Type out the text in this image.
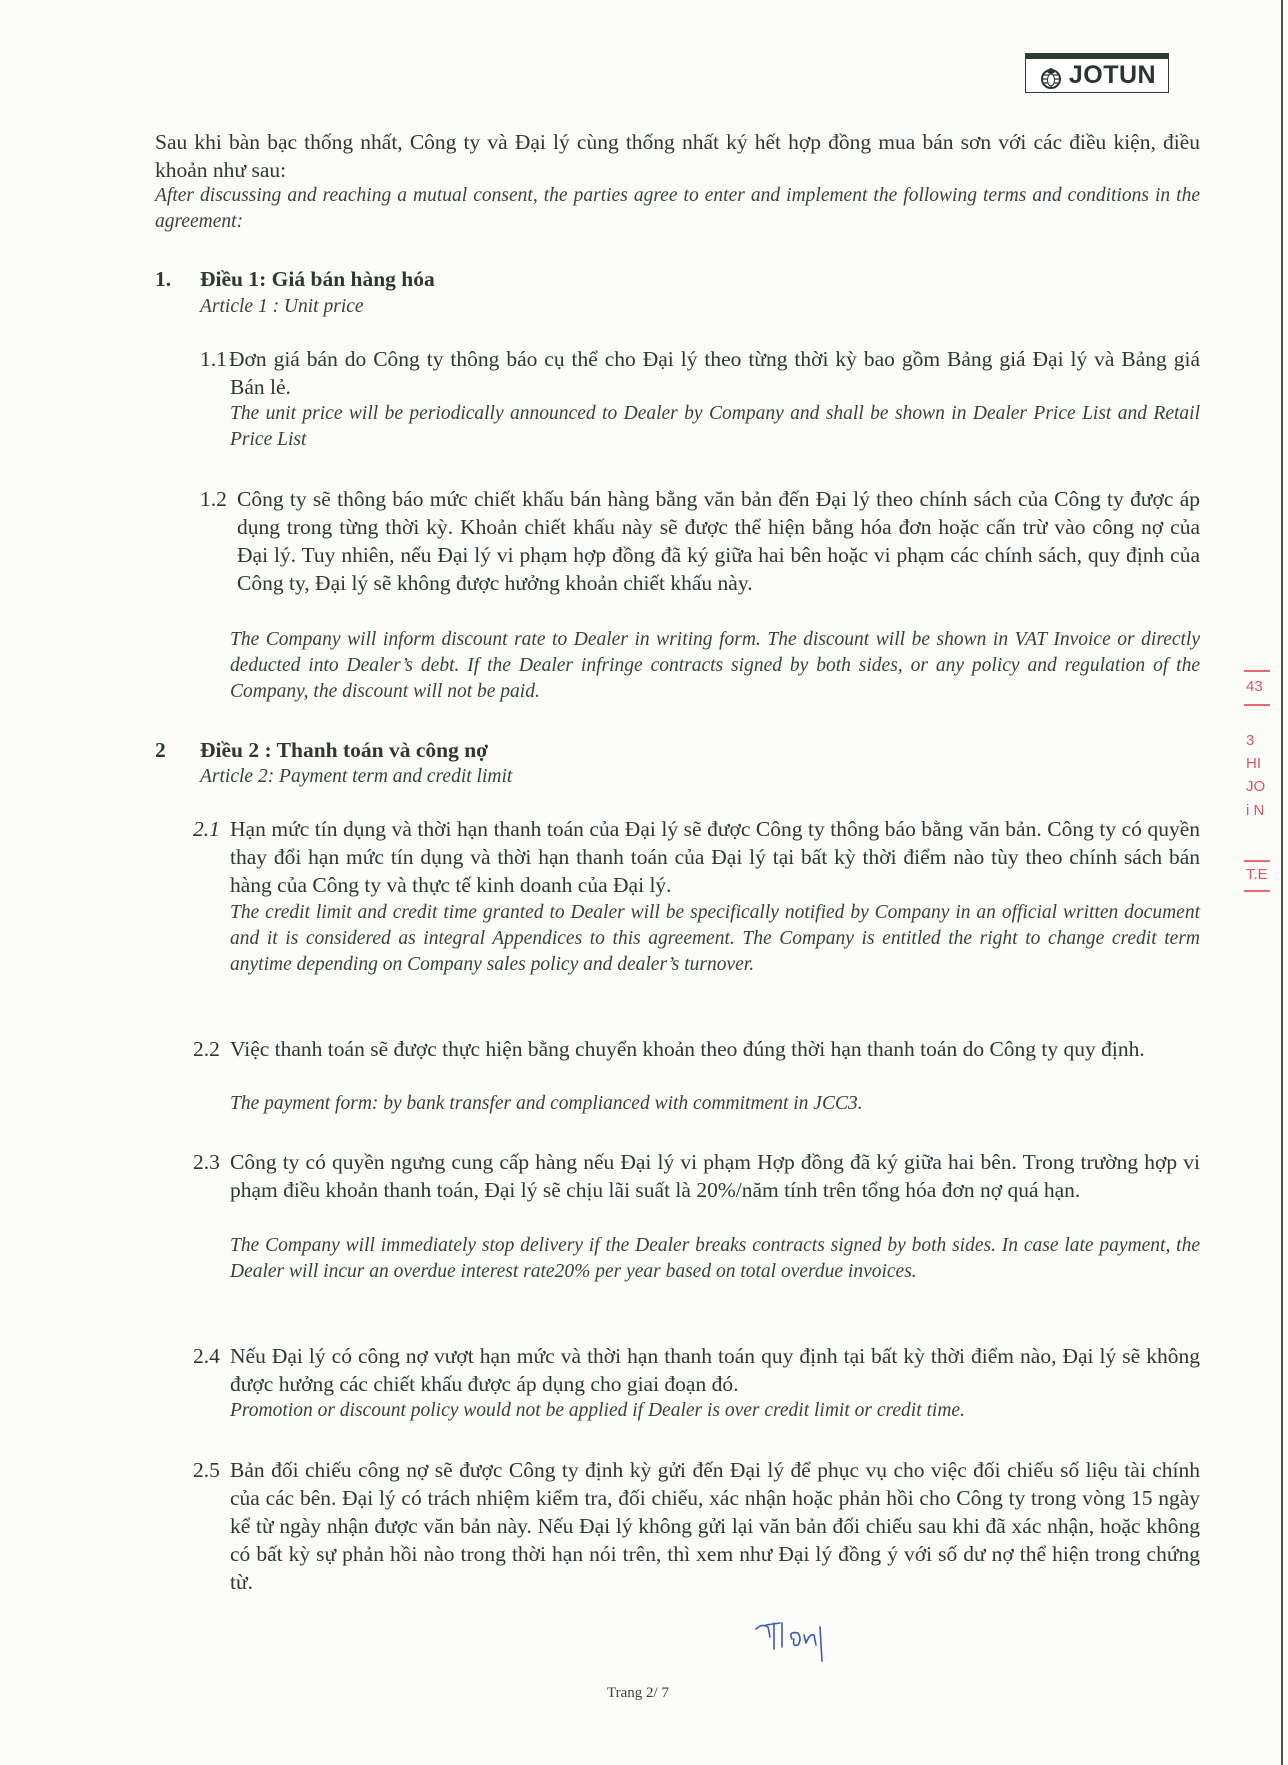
JOTUN
Sau khi bàn bạc thống nhất, Công ty và Đại lý cùng thống nhất ký hết hợp đồng mua bán sơn với các điều kiện, điều khoản như sau:
After discussing and reaching a mutual consent, the parties agree to enter and implement the following terms and conditions in the agreement:
1. Điều 1: Giá bán hàng hóa
Article 1 : Unit price
1.1 Đơn giá bán do Công ty thông báo cụ thể cho Đại lý theo từng thời kỳ bao gồm Bảng giá Đại lý và Bảng giá Bán lẻ.
The unit price will be periodically announced to Dealer by Company and shall be shown in Dealer Price List and Retail Price List
1.2 Công ty sẽ thông báo mức chiết khấu bán hàng bằng văn bản đến Đại lý theo chính sách của Công ty được áp dụng trong từng thời kỳ. Khoản chiết khấu này sẽ được thể hiện bằng hóa đơn hoặc cấn trừ vào công nợ của Đại lý. Tuy nhiên, nếu Đại lý vi phạm hợp đồng đã ký giữa hai bên hoặc vi phạm các chính sách, quy định của Công ty, Đại lý sẽ không được hưởng khoản chiết khấu này.
The Company will inform discount rate to Dealer in writing form. The discount will be shown in VAT Invoice or directly deducted into Dealer’s debt. If the Dealer infringe contracts signed by both sides, or any policy and regulation of the Company, the discount will not be paid.
2 Điều 2 : Thanh toán và công nợ
Article 2: Payment term and credit limit
2.1 Hạn mức tín dụng và thời hạn thanh toán của Đại lý sẽ được Công ty thông báo bằng văn bản. Công ty có quyền thay đổi hạn mức tín dụng và thời hạn thanh toán của Đại lý tại bất kỳ thời điểm nào tùy theo chính sách bán hàng của Công ty và thực tế kinh doanh của Đại lý.
The credit limit and credit time granted to Dealer will be specifically notified by Company in an official written document and it is considered as integral Appendices to this agreement. The Company is entitled the right to change credit term anytime depending on Company sales policy and dealer’s turnover.
2.2 Việc thanh toán sẽ được thực hiện bằng chuyển khoản theo đúng thời hạn thanh toán do Công ty quy định.
The payment form: by bank transfer and complianced with commitment in JCC3.
2.3 Công ty có quyền ngưng cung cấp hàng nếu Đại lý vi phạm Hợp đồng đã ký giữa hai bên. Trong trường hợp vi phạm điều khoản thanh toán, Đại lý sẽ chịu lãi suất là 20%/năm tính trên tổng hóa đơn nợ quá hạn.
The Company will immediately stop delivery if the Dealer breaks contracts signed by both sides. In case late payment, the Dealer will incur an overdue interest rate20% per year based on total overdue invoices.
2.4 Nếu Đại lý có công nợ vượt hạn mức và thời hạn thanh toán quy định tại bất kỳ thời điểm nào, Đại lý sẽ không được hưởng các chiết khấu được áp dụng cho giai đoạn đó.
Promotion or discount policy would not be applied if Dealer is over credit limit or credit time.
2.5 Bản đối chiếu công nợ sẽ được Công ty định kỳ gửi đến Đại lý để phục vụ cho việc đối chiếu số liệu tài chính của các bên. Đại lý có trách nhiệm kiểm tra, đối chiếu, xác nhận hoặc phản hồi cho Công ty trong vòng 15 ngày kể từ ngày nhận được văn bản này. Nếu Đại lý không gửi lại văn bản đối chiếu sau khi đã xác nhận, hoặc không có bất kỳ sự phản hồi nào trong thời hạn nói trên, thì xem như Đại lý đồng ý với số dư nợ thể hiện trong chứng từ.
43
3
HI
JO
i N
T.E
Trang 2/ 7
